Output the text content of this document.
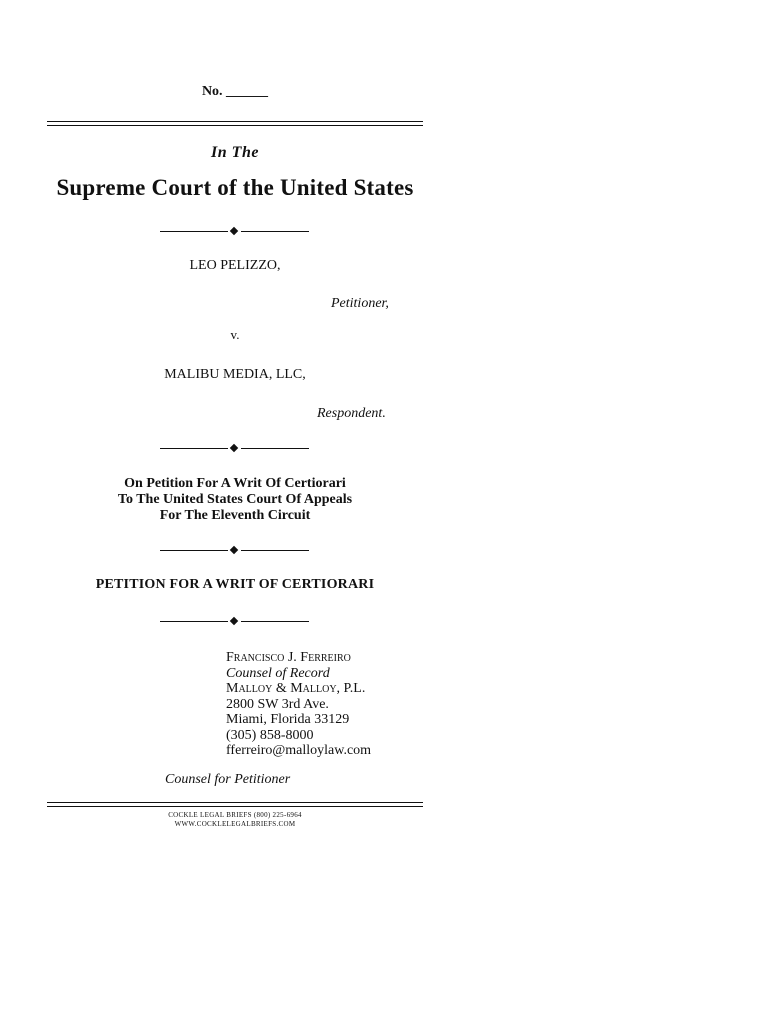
No. ______
In The
Supreme Court of the United States
LEO PELIZZO,
Petitioner,
v.
MALIBU MEDIA, LLC,
Respondent.
On Petition For A Writ Of Certiorari
To The United States Court Of Appeals
For The Eleventh Circuit
PETITION FOR A WRIT OF CERTIORARI
Francisco J. Ferreiro
Counsel of Record
Malloy & Malloy, P.L.
2800 SW 3rd Ave.
Miami, Florida 33129
(305) 858-8000
fferreiro@malloylaw.com
Counsel for Petitioner
COCKLE LEGAL BRIEFS (800) 225-6964
WWW.COCKLELEGALBRIEFS.COM
